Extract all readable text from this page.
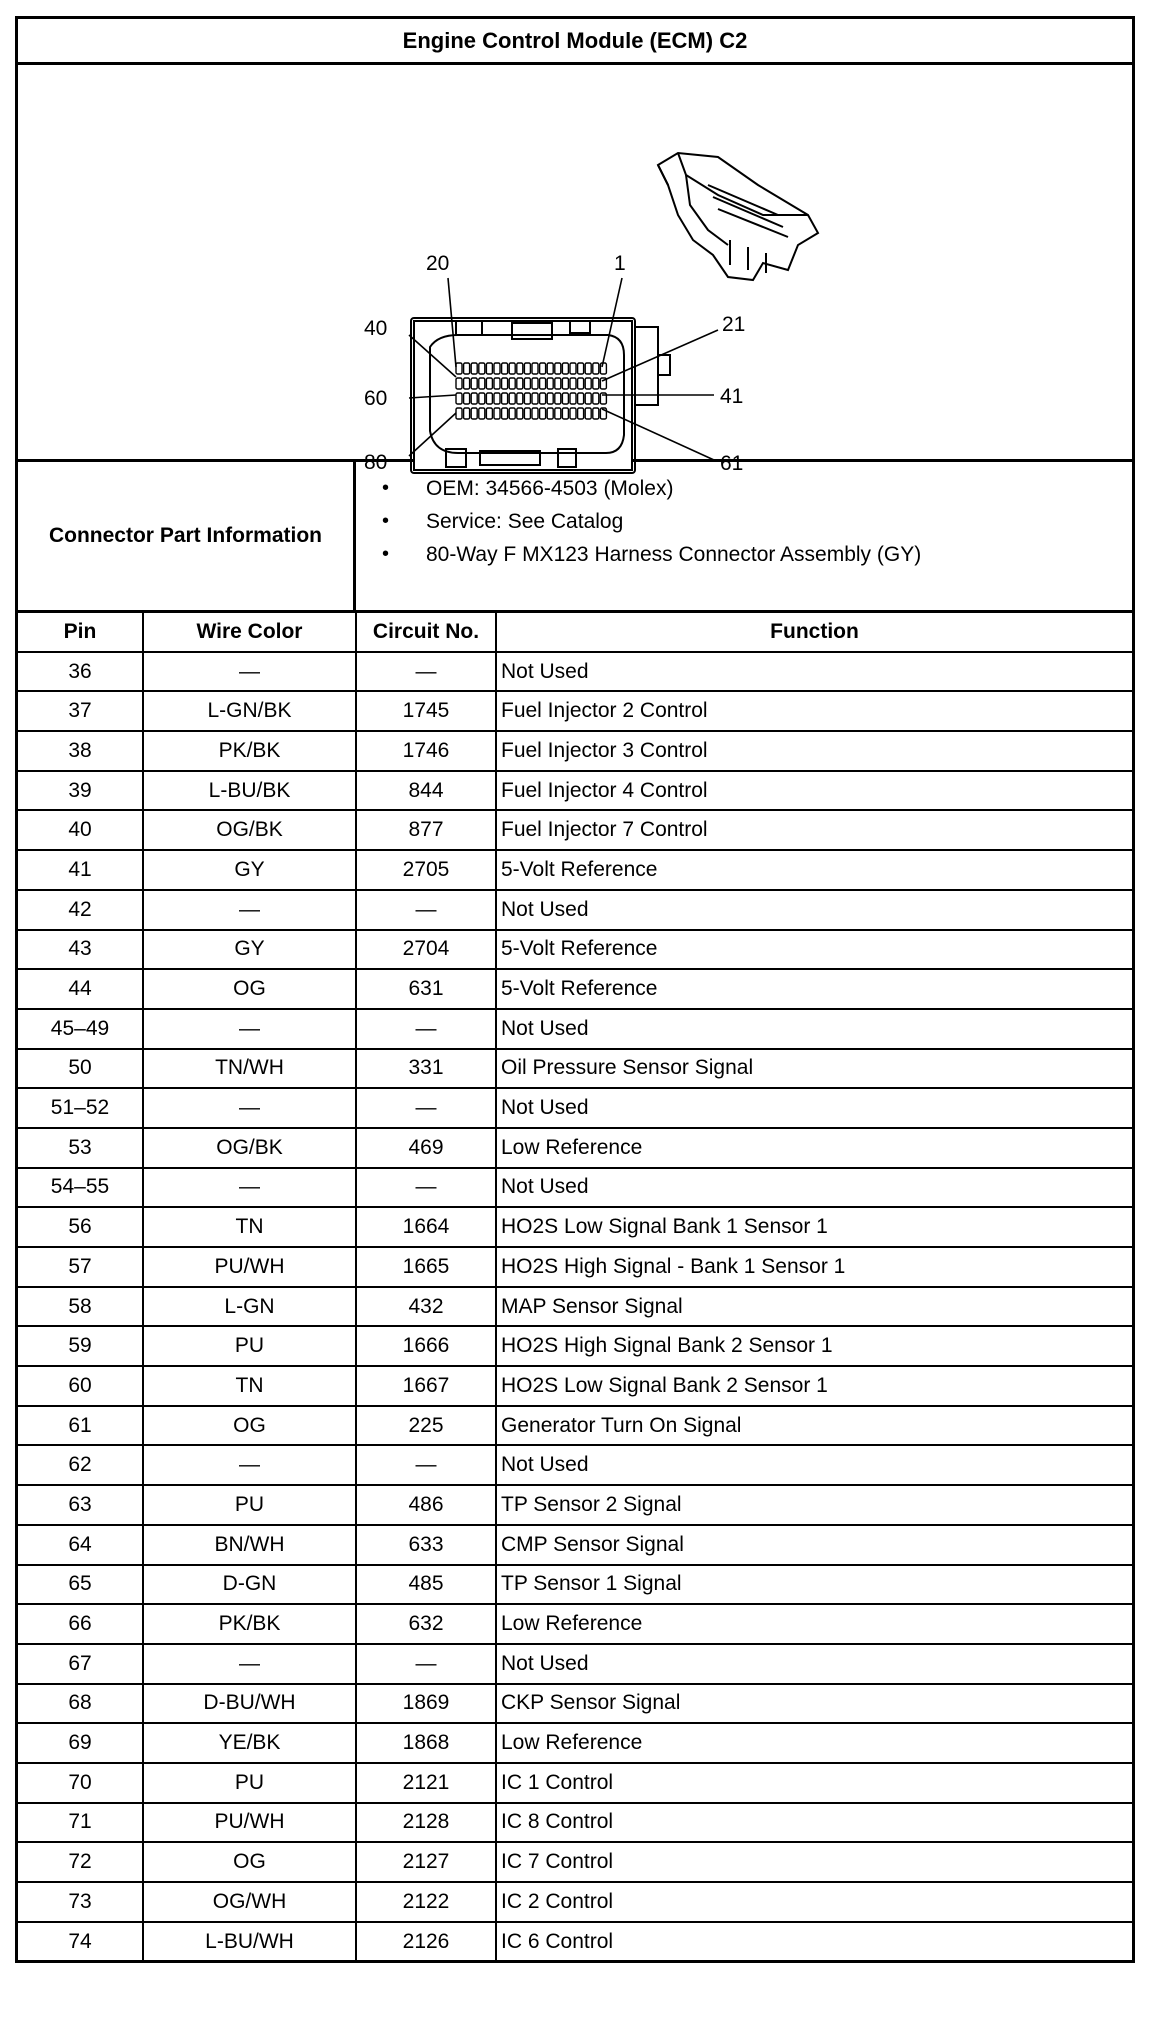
Engine Control Module (ECM) C2
20	1
40	21
60	41
80	61
Connector Part Information
• OEM: 34566-4503 (Molex)
• Service: See Catalog
• 80-Way F MX123 Harness Connector Assembly (GY)
Pin	Wire Color	Circuit No.	Function
36	—	—	Not Used
37	L-GN/BK	1745	Fuel Injector 2 Control
38	PK/BK	1746	Fuel Injector 3 Control
39	L-BU/BK	844	Fuel Injector 4 Control
40	OG/BK	877	Fuel Injector 7 Control
41	GY	2705	5-Volt Reference
42	—	—	Not Used
43	GY	2704	5-Volt Reference
44	OG	631	5-Volt Reference
45–49	—	—	Not Used
50	TN/WH	331	Oil Pressure Sensor Signal
51–52	—	—	Not Used
53	OG/BK	469	Low Reference
54–55	—	—	Not Used
56	TN	1664	HO2S Low Signal Bank 1 Sensor 1
57	PU/WH	1665	HO2S High Signal - Bank 1 Sensor 1
58	L-GN	432	MAP Sensor Signal
59	PU	1666	HO2S High Signal Bank 2 Sensor 1
60	TN	1667	HO2S Low Signal Bank 2 Sensor 1
61	OG	225	Generator Turn On Signal
62	—	—	Not Used
63	PU	486	TP Sensor 2 Signal
64	BN/WH	633	CMP Sensor Signal
65	D-GN	485	TP Sensor 1 Signal
66	PK/BK	632	Low Reference
67	—	—	Not Used
68	D-BU/WH	1869	CKP Sensor Signal
69	YE/BK	1868	Low Reference
70	PU	2121	IC 1 Control
71	PU/WH	2128	IC 8 Control
72	OG	2127	IC 7 Control
73	OG/WH	2122	IC 2 Control
74	L-BU/WH	2126	IC 6 Control
